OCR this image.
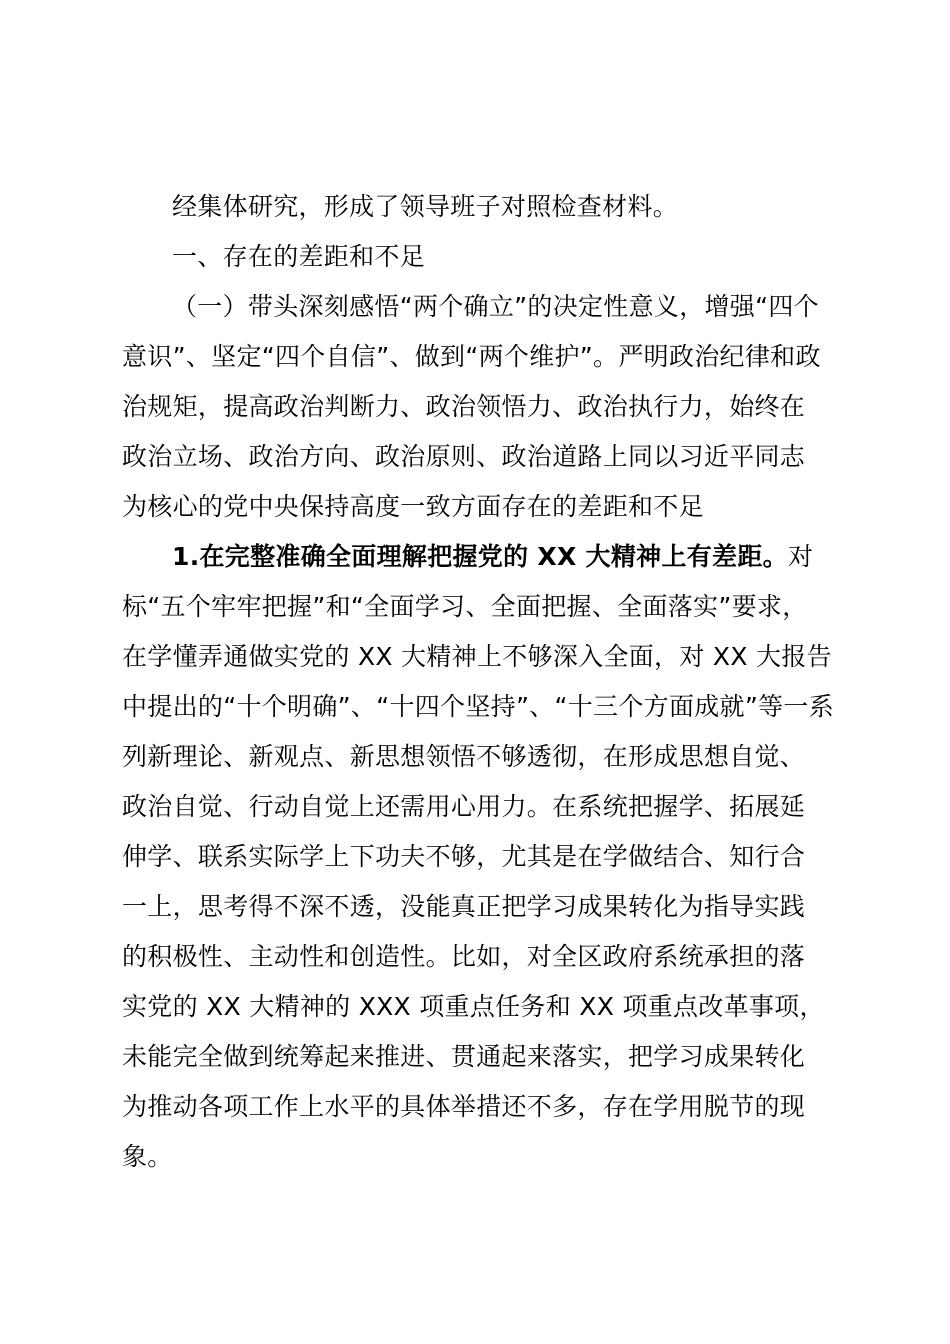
经集体研究，形成了领导班子对照检查材料。
一、存在的差距和不足
（一）带头深刻感悟“两个确立”的决定性意义，增强“四个
意识”、坚定“四个自信”、做到“两个维护”。严明政治纪律和政
治规矩，提高政治判断力、政治领悟力、政治执行力，始终在
政治立场、政治方向、政治原则、政治道路上同以习近平同志
为核心的党中央保持高度一致方面存在的差距和不足
1.在完整准确全面理解把握党的 XX 大精神上有差距。对
标“五个牢牢把握”和“全面学习、全面把握、全面落实”要求，
在学懂弄通做实党的 XX 大精神上不够深入全面，对 XX 大报告
中提出的“十个明确”、“十四个坚持”、“十三个方面成就”等一系
列新理论、新观点、新思想领悟不够透彻，在形成思想自觉、
政治自觉、行动自觉上还需用心用力。在系统把握学、拓展延
伸学、联系实际学上下功夫不够，尤其是在学做结合、知行合
一上，思考得不深不透，没能真正把学习成果转化为指导实践
的积极性、主动性和创造性。比如，对全区政府系统承担的落
实党的 XX 大精神的 XXX 项重点任务和 XX 项重点改革事项，
未能完全做到统筹起来推进、贯通起来落实，把学习成果转化
为推动各项工作上水平的具体举措还不多，存在学用脱节的现
象。
